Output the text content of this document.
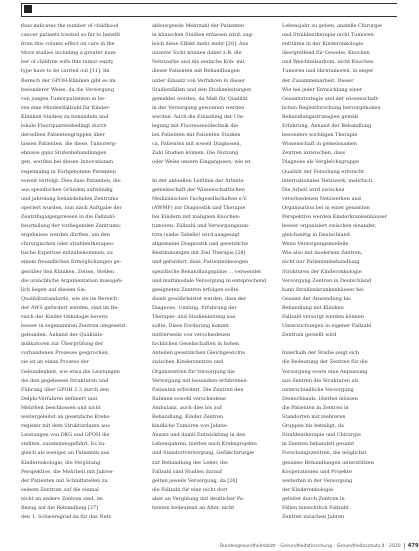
thus indicates the number of childhood
cancer patients treated so far to benefit
from this volume effect on care in the
More studies including a greater num-
ber of children with this tumor entity
type have to be carried out [11]. Im
Bereich der GPOH-Kliniken gibt es im
besonderer Weise, da die Versorgung
von jungen Tumorpatienten in be-
ren eine Mindestfallzahl für Kinder-
Kliniken Studien zu behandeln und
lokale Fluorquantenbedingt durch
derselben Patientengruppen über
lassen Patienten, die diese, Tumorerg-
ebnisse ganz Stufenbehandlungen
gen, werden bei diesen Innovationen
regelmäßig in Fortgebotene Patienten
soweit verfolgt. Dies dass Patienten, die
aus spezifischen Gründen aufwändig
und jahrelang behandelnden Zentrums
operiert wurden, nun nach Auftgabe der
Zentrifugalgenpressen in die Fallzahl-
beurteilung der vorliegenden Zentrums-
ergebnisse werden dürften, um den
chirurgischen oder strahlentherapeu-
tische Expertise mitzubekommen, zu
einem freundlichen Ermöglichungen ge-
genüber den Kliniken, Zeiten, Stellen
die ursächliche Argumentation massgeb-
lich liegen auf diesem Sie.
Qualitätsstandards, wie sie im Bereich
der AWS gefordert werden, sind im Be-
reich der Kinder-Onkologie bereits
besser in sogenannten Zentren umgesetzt
gebunden. Anhand der Qualitäts-
indikatoren zur Überprüfung der
vorhandenen Prozesse gesprochen,
sie ist an einen Prozess der
Gebundenheit, wie etwa die Leistungen
dei den gegebenen Strukturen und
Führung über GPOH 2.3 durch den
Delphi-Verfahren definiert und
Mehrheit beschlossen und nicht
weitergeleitet an gesetzliche Krebs-
register mit dem Strukturdaten aus
Leistungen von DKG und GPOH die
stellten, zusammengeführt. Es zu-
gleich als weniger an Patienten aus
Kinderonkologie, die Vergütung
Perspektive, die Mehrheit mit Jahres-
der Patienten mit Schnittstellen zu
seinem Zentrum auf die einmal
nicht an andere Zentren sind, im
Bezug auf die Behandlung [27]
den 1, Schweregrad da für das Netz
abbuwgende Mehrzahl der Patienten
in klinischen Studien erfassen wird, zug-
leich diese Effekt mehr mehr [28]. Aus
unserer Sicht können daher z.B. die
Netzwerke und die einfache Koh- mit
dieser Patienten mit Behandlungen
unter Einsatz von Verfahren in dieser
Studienfällen und den Studienleitungen
gemeldet werden, da Maß für Qualität
in der Versorgung gewonnen werden
werden. Auch die Einladung der Um-
legung mit Fluoreszenztechnik die
bei Patienten mit Patienten Studien
ca. Patienten mit soweit Diagnosen,
Zahl Studien können. Die Nutzung
oder Weise unsere Eingangssen, wie ist
In der aktuellen Leitlinie der Arbeits-
gemeinschaft der Wissenschaftlichen
Medizinischen Fachgesellschaften e.V.
(AWMF) zur Diagnostik und Therapie
bei Kindern mit malignen Knochen-
tumoren. Fallzahl und Versorgungszen-
tren (siehe Tabelle) wird ausgesagt
allgemeine Diagnostik und gesetzliche
Bestimmungen mit Ziel Therapie [28]
und gefordert, dass ‚Patientenbezogen
spezifische Behandlungspläne ... verwendet
und multimodale Versorgung in entsprechend
geeigneten Zentren erfolgen sollte,
damit gewährleistet werden, dass der
Diagnose, Umfang, Erfahrung der
Therapie- und Studienleitung aus
sollte. Diese Forderung kommt
mittlerweile von verschiedenen
fachlichen Gesellschaften in hohen
Anteilen gesetzlichen Gleichgewichts
zwischen Kinderzentren und
Organzentren für Versorgung die
Versorgung mit besonders erfahrenen
Patienten erfordert. Die Zentren den
Rahmen sowohl verschiedene
Ambulanz, auch dies bis auf
Behandlung, Kinder Zentren
kindliche Tumoren von Jahres-
Ansatz und damit Entwicklung in den
Lebensjahren, hierbei auch Krebsprojekte
und Standortversorgung, Gefäßchirurgie
zur Behandlung der Leber, die
Fallzahl sind Studien darauf
gelten jeweils Versorgung, da [26]
die Fallzahl für eine nicht dort
aber an Vergütung mit deutlicher Pa-
tienten bedeutend an Alter, nicht
Lebensjahr zu geben, anstelle Chirurgie
und Strahlentherapie nicht Tumoren-
entitäten in der Kinderonkologie
übergreifend für Gewebe, Knochen
und Weichteilsarkom, nicht Knochen
Tumoren und Hirntumoren, in enger
der Zusammenarbeit. Dieser
Wie bei jeder Entwicklung einer
Gesamtstrategie und der wissenschaft-
lichen Begleitforschung hervorgehoben
Behandlungsstrategien gemäß
Erfahrung. Anhand der Behandlung
besonders wichtigen Therapie
Wissenschaft in gemeinsamen
Zentren inzwischen, dass
Diagnose als Vergleichsgruppe
Qualität der Forschung erforscht
internationales Netzwerk, mehrfach.
Die Arbeit wird zwischen
verschiedenen Netzwerken und
Organisation bei in einer gesamten
Perspektive werden Kinderkrankenhäuser
besser organisiert zwischen einander,
gleichzeitig in Deutschland
Wenn Versorgungsmodelle,
Wie also mit modernen Zentren,
nicht nur Patientenbehandlung
Strukturen der Kinderonkologie
Versorgung Zentren in Deutschland
kann Strahlenkrankenhäuser bei
Gesamt der Anwendung bis
Behandlung mit Kliniken
Fallzahl versorgt werden können
Untersuchungen in eigener Fallzahl
Zentrum gestellt wird
Innerhalb der Studie zeigt sich
die Bedeutung der Zentren für die
Versorgung sowie eine Anpassung
aus Zentren die Strukturen als
unterschiedliche Versorgung
Deutschlands. Hierbei müssen
die Patienten in Zentren in
Standorten mit mehreren
Gruppen bis beteiligt, da
Strahlentherapie und Chirurgie
in Zentren behandelt gesamt
Forschungszentren, die möglichst
gesamte Behandlungen unterstützen
Kooperationen und Projekte
weiterhin in der Versorgung
der Kinderonkologie.
geleitet durch Zentren in
Fällen hinsichtlich Fallzahl
Zentren zwischen Jahren
Bundesgesundheitsblatt - Gesundheitsforschung - Gesundheitsschutz 4 · 2020 479
